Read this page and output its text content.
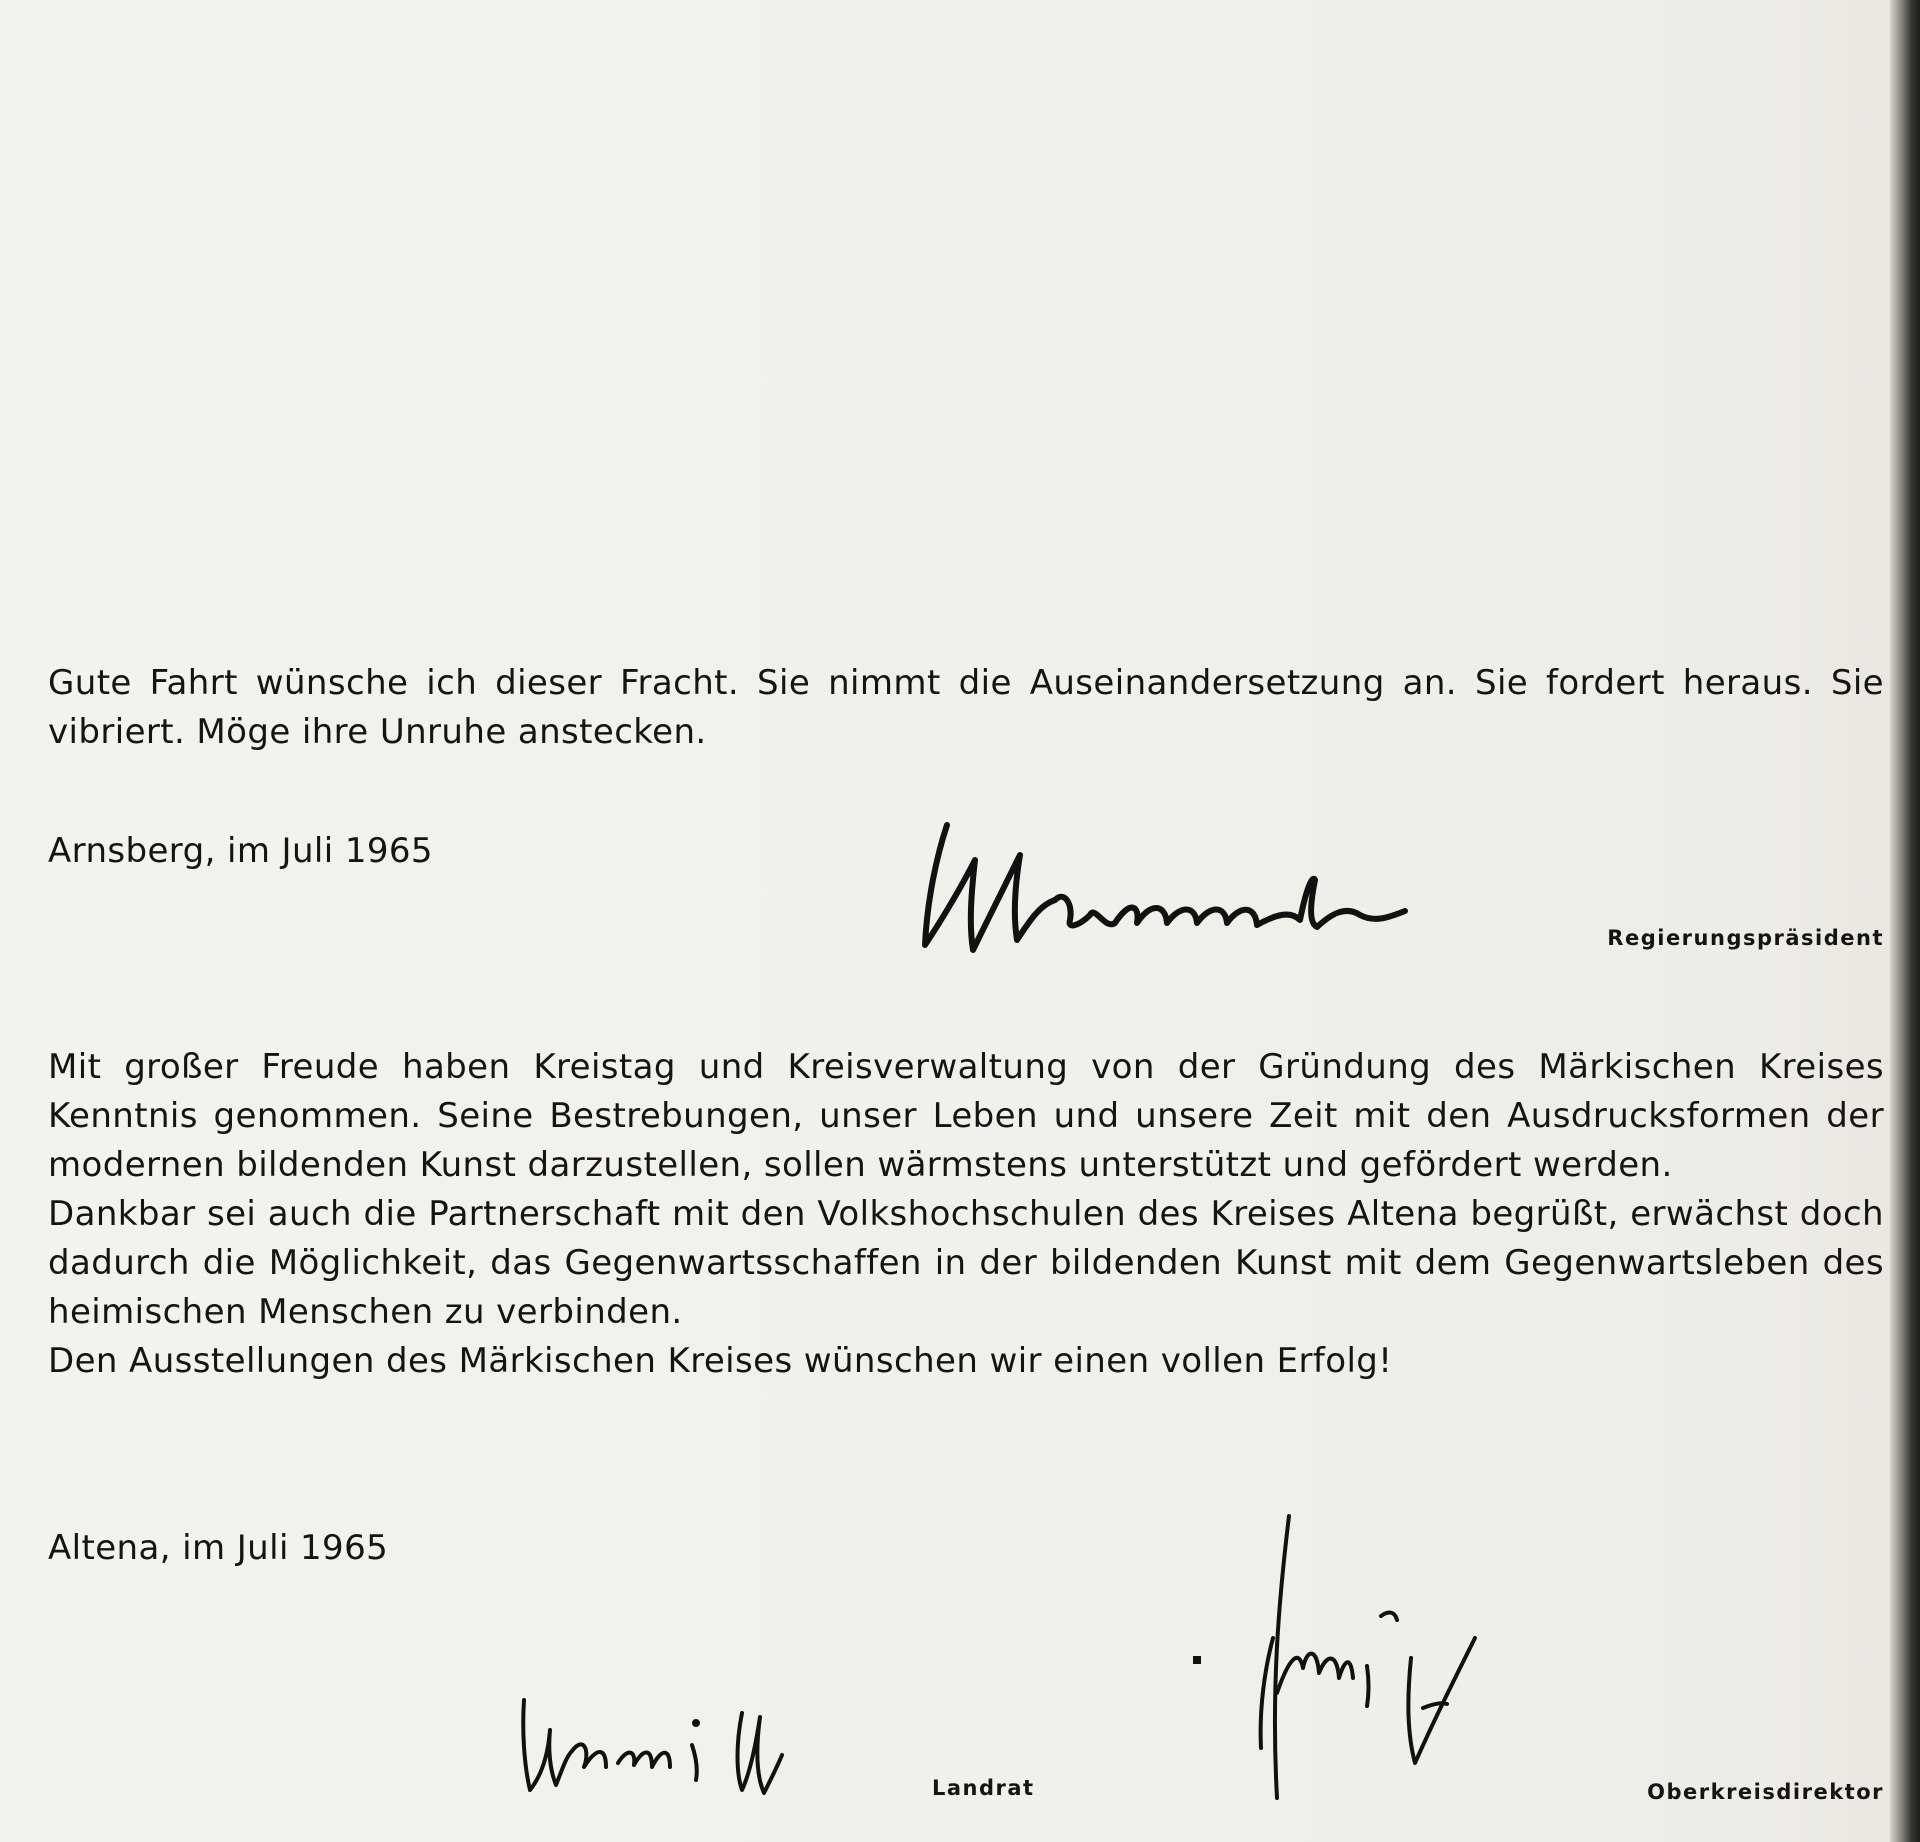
Gute Fahrt wünsche ich dieser Fracht. Sie nimmt die Auseinandersetzung an. Sie fordert heraus. Sie vibriert. Möge ihre Unruhe anstecken.

Arnsberg, im Juli 1965

Regierungspräsident

Mit großer Freude haben Kreistag und Kreisverwaltung von der Gründung des Märkischen Kreises Kenntnis genommen. Seine Bestrebungen, unser Leben und unsere Zeit mit den Ausdrucksformen der modernen bildenden Kunst darzustellen, sollen wärmstens unterstützt und gefördert werden.

Dankbar sei auch die Partnerschaft mit den Volkshochschulen des Kreises Altena begrüßt, erwächst doch dadurch die Möglichkeit, das Gegenwartsschaffen in der bildenden Kunst mit dem Gegenwartsleben des heimischen Menschen zu verbinden.

Den Ausstellungen des Märkischen Kreises wünschen wir einen vollen Erfolg!

Altena, im Juli 1965

Landrat	Oberkreisdirektor
